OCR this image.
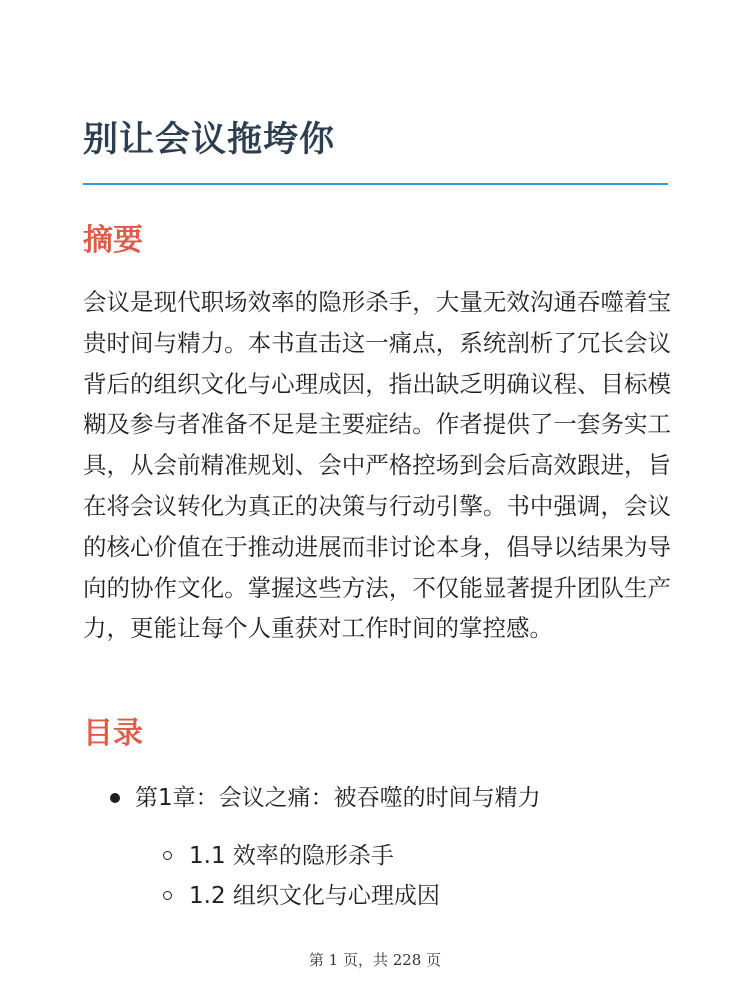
别让会议拖垮你
摘要

会议是现代职场效率的隐形杀手，大量无效沟通吞噬着宝贵时间与精力。本书直击这一痛点，系统剖析了冗长会议背后的组织文化与心理成因，指出缺乏明确议程、目标模糊及参与者准备不足是主要症结。作者提供了一套务实工具，从会前精准规划、会中严格控场到会后高效跟进，旨在将会议转化为真正的决策与行动引擎。书中强调，会议的核心价值在于推动进展而非讨论本身，倡导以结果为导向的协作文化。掌握这些方法，不仅能显著提升团队生产力，更能让每个人重获对工作时间的掌控感。

目录
第1章：会议之痛：被吞噬的时间与精力
1.1 效率的隐形杀手
1.2 组织文化与心理成因
第 1 页，共 228 页
